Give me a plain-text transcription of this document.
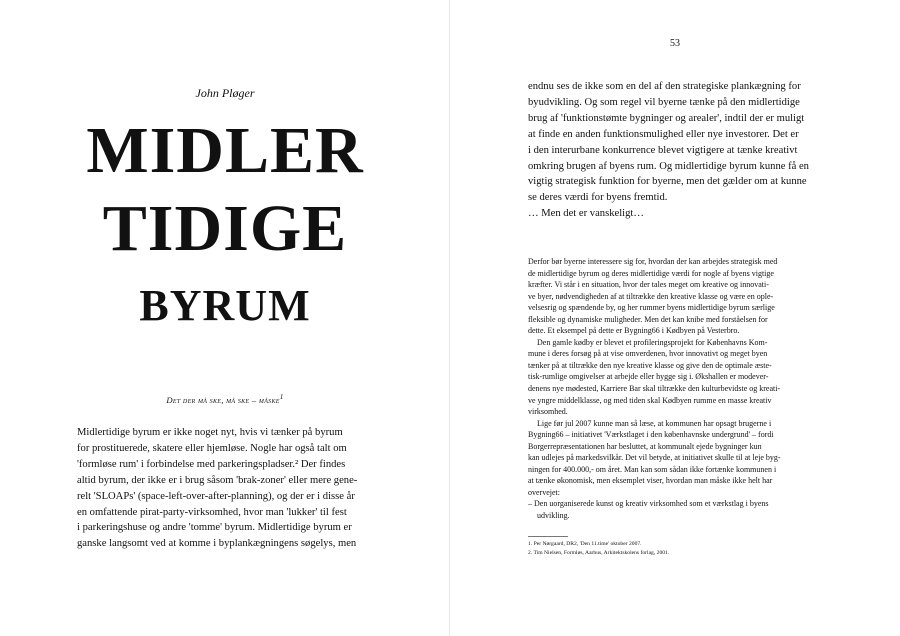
John Pløger
MIDLER
TIDIGE
BYRUM
Det der må ske, må ske – måske$^1$
Midlertidige byrum er ikke noget nyt, hvis vi tænker på byrum
for prostituerede, skatere eller hjemløse. Nogle har også talt om
'formløse rum' i forbindelse med parkeringspladser.² Der findes
altid byrum, der ikke er i brug såsom 'brak-zoner' eller mere gene-
relt 'SLOAPs' (space-left-over-after-planning), og der er i disse år
en omfattende pirat-party-virksomhed, hvor man 'lukker' til fest
i parkeringshuse og andre 'tomme' byrum. Midlertidige byrum er
ganske langsomt ved at komme i byplankægningens søgelys, men
53
endnu ses de ikke som en del af den strategiske plankægning for
byudvikling. Og som regel vil byerne tænke på den midlertidige
brug af 'funktionstømte bygninger og arealer', indtil der er muligt
at finde en anden funktionsmulighed eller nye investorer. Det er
i den interurbane konkurrence blevet vigtigere at tænke kreativt
omkring brugen af byens rum. Og midlertidige byrum kunne få en
vigtig strategisk funktion for byerne, men det gælder om at kunne
se deres værdi for byens fremtid.
… Men det er vanskeligt…
Derfor bør byerne interessere sig for, hvordan der kan arbejdes strategisk med
de midlertidige byrum og deres midlertidige værdi for nogle af byens vigtige
kræfter. Vi står i en situation, hvor der tales meget om kreative og innovati-
ve byer, nødvendigheden af at tiltrække den kreative klasse og være en ople-
velsesrig og spændende by, og her rummer byens midlertidige byrum særlige
fleksible og dynamiske muligheder. Men det kan knibe med forståelsen for
dette. Et eksempel på dette er Bygning66 i Kødbyen på Vesterbro.
Den gamle kødby er blevet et profileringsprojekt for Københavns Kom-
mune i deres forsøg på at vise omverdenen, hvor innovativt og meget byen
tænker på at tiltrække den nye kreative klasse og give den de optimale æste-
tisk-rumlige omgivelser at arbejde eller hygge sig i. Økshallen er modever-
denens nye mødested, Karriere Bar skal tiltrække den kulturbevidste og kreati-
ve yngre middelklasse, og med tiden skal Kødbyen rumme en masse kreativ
virksomhed.
Lige før jul 2007 kunne man så læse, at kommunen har opsagt brugerne i
Bygning66 – initiativet 'Værkstlaget i den københavnske undergrund' – fordi
Borgerrepræsentationen har besluttet, at kommunalt ejede bygninger kun
kan udlejes på markedsvilkår. Det vil betyde, at initiativet skulle til at leje byg-
ningen for 400.000,- om året. Man kan som sådan ikke fortænke kommunen i
at tænke økonomisk, men eksemplet viser, hvordan man måske ikke helt har
overvejet:
– Den uorganiserede kunst og kreativ virksomhed som et værkstlag i byens
udvikling.
1. Per Nørgaard, DR2, 'Den 11.time' oktober 2007.
2. Tim Nielsen, Formløs, Aarhus, Arkitektskolens forlag, 2001.
